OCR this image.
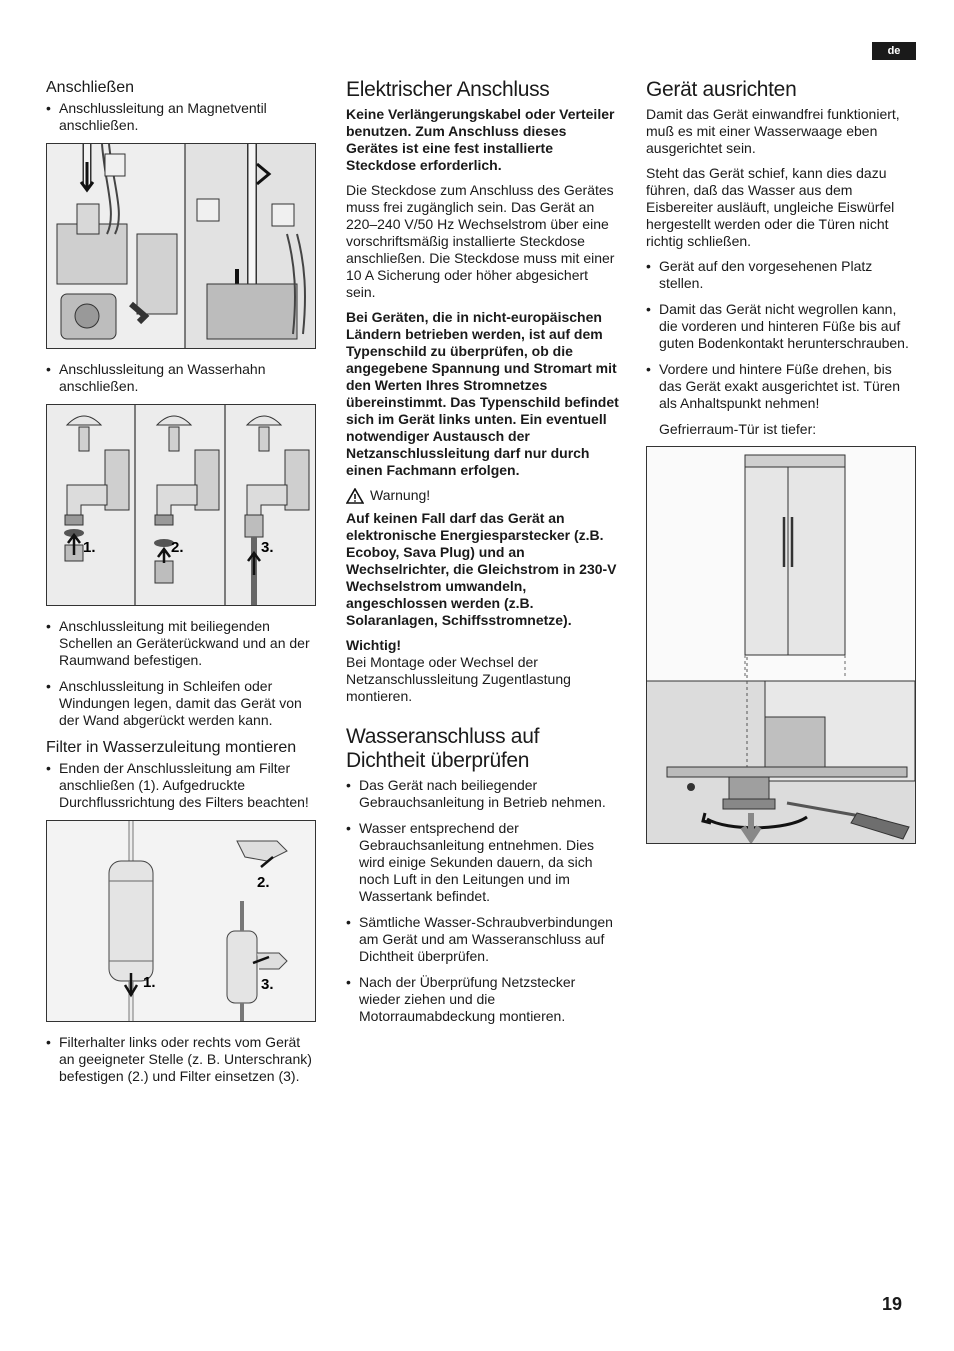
de
Anschließen
• Anschlussleitung an Magnetventil anschließen.
• Anschlussleitung an Wasserhahn anschließen.
1.	2.	3.
• Anschlussleitung mit beiliegenden Schellen an Geräterückwand und an der Raumwand befestigen.
• Anschlussleitung in Schleifen oder Windungen legen, damit das Gerät von der Wand abgerückt werden kann.
Filter in Wasserzuleitung montieren
• Enden der Anschlussleitung am Filter anschließen (1). Aufgedruckte Durchflussrichtung des Filters beachten!
1.
2.
3.
• Filterhalter links oder rechts vom Gerät an geeigneter Stelle (z. B. Unterschrank) befestigen (2.) und Filter einsetzen (3).
Elektrischer Anschluss

Keine Verlängerungskabel oder Verteiler benutzen. Zum Anschluss dieses Gerätes ist eine fest installierte Steckdose erforderlich.

Die Steckdose zum Anschluss des Gerätes muss frei zugänglich sein. Das Gerät an 220–240 V/50 Hz Wechselstrom über eine vorschriftsmäßig installierte Steckdose anschließen. Die Steckdose muss mit einer 10 A Sicherung oder höher abgesichert sein.

Bei Geräten, die in nicht-europäischen Ländern betrieben werden, ist auf dem Typenschild zu überprüfen, ob die angegebene Spannung und Stromart mit den Werten Ihres Stromnetzes übereinstimmt. Das Typenschild befindet sich im Gerät links unten. Ein eventuell notwendiger Austausch der Netzanschlussleitung darf nur durch einen Fachmann erfolgen.

Warnung!

Auf keinen Fall darf das Gerät an elektronische Energiesparstecker (z.B. Ecoboy, Sava Plug) und an Wechselrichter, die Gleichstrom in 230-V Wechselstrom umwandeln, angeschlossen werden (z.B. Solaranlagen, Schiffsstromnetze).

Wichtig!

Bei Montage oder Wechsel der Netzanschlussleitung Zugentlastung montieren.

Wasseranschluss auf Dichtheit überprüfen
• Das Gerät nach beiliegender Gebrauchsanleitung in Betrieb nehmen.
• Wasser entsprechend der Gebrauchsanleitung entnehmen. Dies wird einige Sekunden dauern, da sich noch Luft in den Leitungen und im Wassertank befindet.
• Sämtliche Wasser-Schraubverbindungen am Gerät und am Wasseranschluss auf Dichtheit überprüfen.
• Nach der Überprüfung Netzstecker wieder ziehen und die Motorraumabdeckung montieren.
Gerät ausrichten

Damit das Gerät einwandfrei funktioniert, muß es mit einer Wasserwaage eben ausgerichtet sein.

Steht das Gerät schief, kann dies dazu führen, daß das Wasser aus dem Eisbereiter ausläuft, ungleiche Eiswürfel hergestellt werden oder die Türen nicht richtig schließen.

• Gerät auf den vorgesehenen Platz stellen.
• Damit das Gerät nicht wegrollen kann, die vorderen und hinteren Füße bis auf guten Bodenkontakt herunterschrauben.
• Vordere und hintere Füße drehen, bis das Gerät exakt ausgerichtet ist. Türen als Anhaltspunkt nehmen!

Gefrierraum-Tür ist tiefer:

19
